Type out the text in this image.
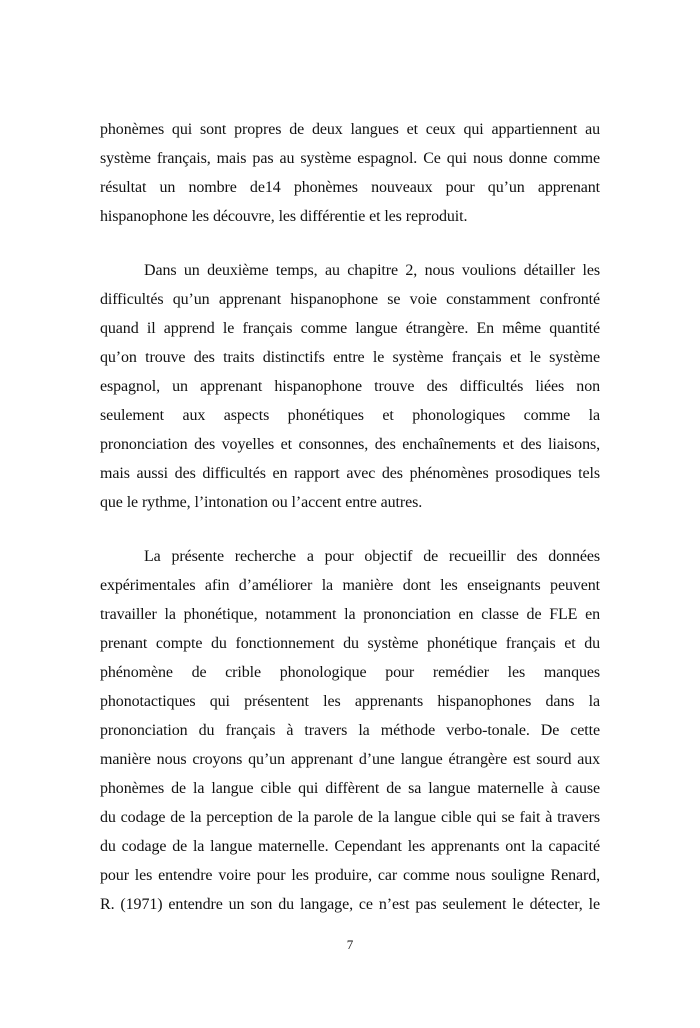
phonèmes qui sont propres de deux langues et ceux qui appartiennent au
système français, mais pas au système espagnol. Ce qui nous donne comme
résultat un nombre de14 phonèmes nouveaux pour qu’un apprenant
hispanophone les découvre, les différentie et les reproduit.
Dans un deuxième temps, au chapitre 2, nous voulions détailler les
difficultés qu’un apprenant hispanophone se voie constamment confronté
quand il apprend le français comme langue étrangère. En même quantité
qu’on trouve des traits distinctifs entre le système français et le système
espagnol, un apprenant hispanophone trouve des difficultés liées non
seulement aux aspects phonétiques et phonologiques comme la
prononciation des voyelles et consonnes, des enchaînements et des liaisons,
mais aussi des difficultés en rapport avec des phénomènes prosodiques tels
que le rythme, l’intonation ou l’accent entre autres.
La présente recherche a pour objectif de recueillir des données
expérimentales afin d’améliorer la manière dont les enseignants peuvent
travailler la phonétique, notamment la prononciation en classe de FLE en
prenant compte du fonctionnement du système phonétique français et du
phénomène de crible phonologique pour remédier les manques
phonotactiques qui présentent les apprenants hispanophones dans la
prononciation du français à travers la méthode verbo-tonale. De cette
manière nous croyons qu’un apprenant d’une langue étrangère est sourd aux
phonèmes de la langue cible qui diffèrent de sa langue maternelle à cause
du codage de la perception de la parole de la langue cible qui se fait à travers
du codage de la langue maternelle. Cependant les apprenants ont la capacité
pour les entendre voire pour les produire, car comme nous souligne Renard,
R. (1971) entendre un son du langage, ce n’est pas seulement le détecter, le
7
